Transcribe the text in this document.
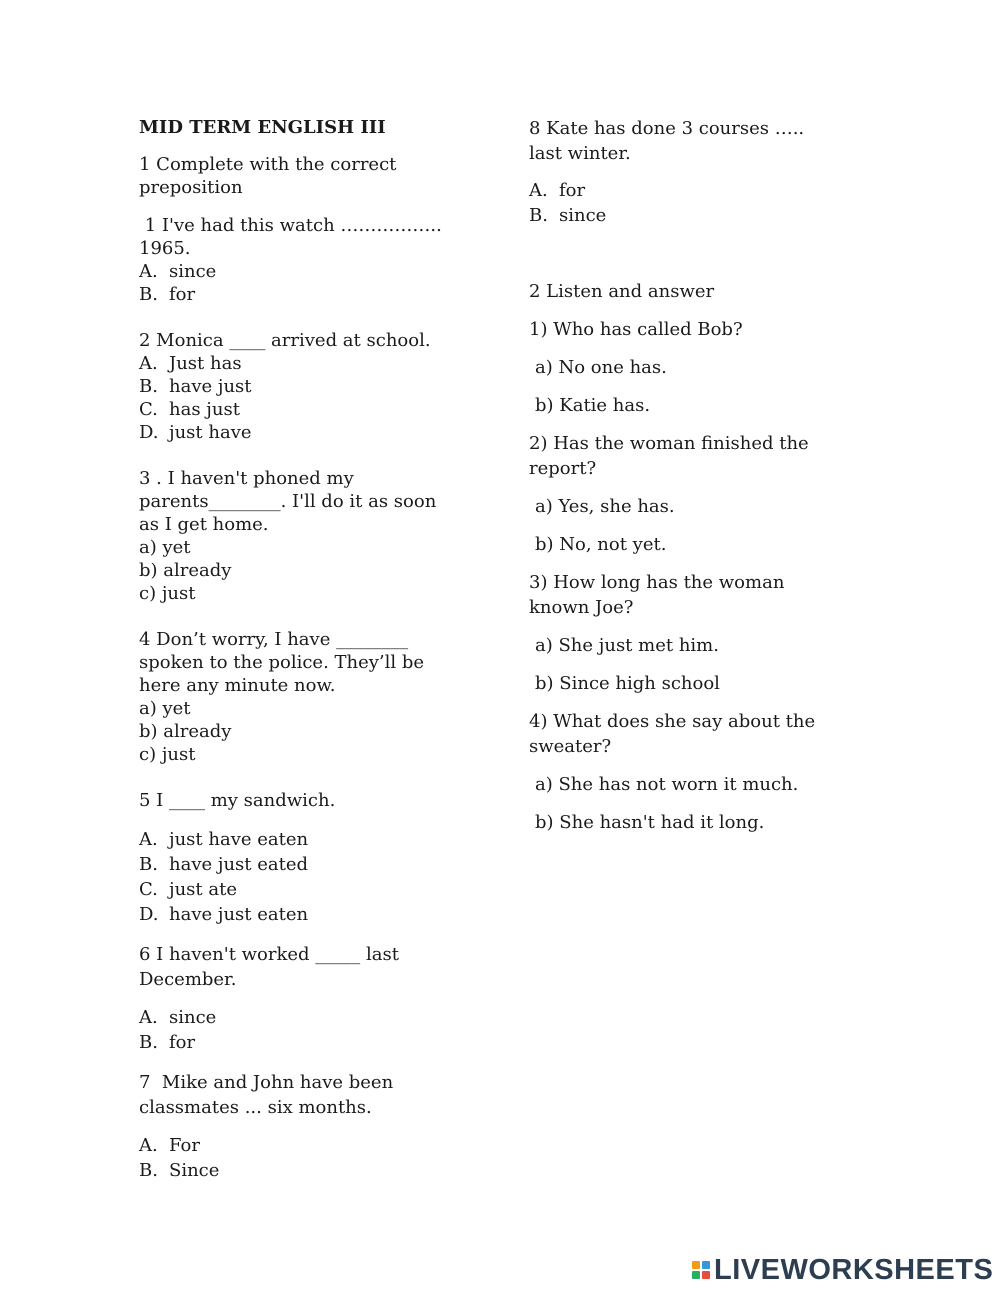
MID TERM ENGLISH III
1 Complete with the correct
preposition
1 I've had this watch ……………..
1965.
A. since
B. for
2 Monica ____ arrived at school.
A. Just has
B. have just
C. has just
D. just have
3 . I haven't phoned my
parents________. I'll do it as soon
as I get home.
a) yet
b) already
c) just
4 Don’t worry, I have ________
spoken to the police. They’ll be
here any minute now.
a) yet
b) already
c) just
5 I ____ my sandwich.
A. just have eaten
B. have just eated
C. just ate
D. have just eaten
6 I haven't worked _____ last
December.
A. since
B. for
7  Mike and John have been
classmates ... six months.
A. For
B. Since
8 Kate has done 3 courses …..
last winter.
A. for
B. since
2 Listen and answer
1) Who has called Bob?
a) No one has.
b) Katie has.
2) Has the woman finished the
report?
a) Yes, she has.
b) No, not yet.
3) How long has the woman
known Joe?
a) She just met him.
b) Since high school
4) What does she say about the
sweater?
a) She has not worn it much.
b) She hasn't had it long.
LIVEWORKSHEETS
